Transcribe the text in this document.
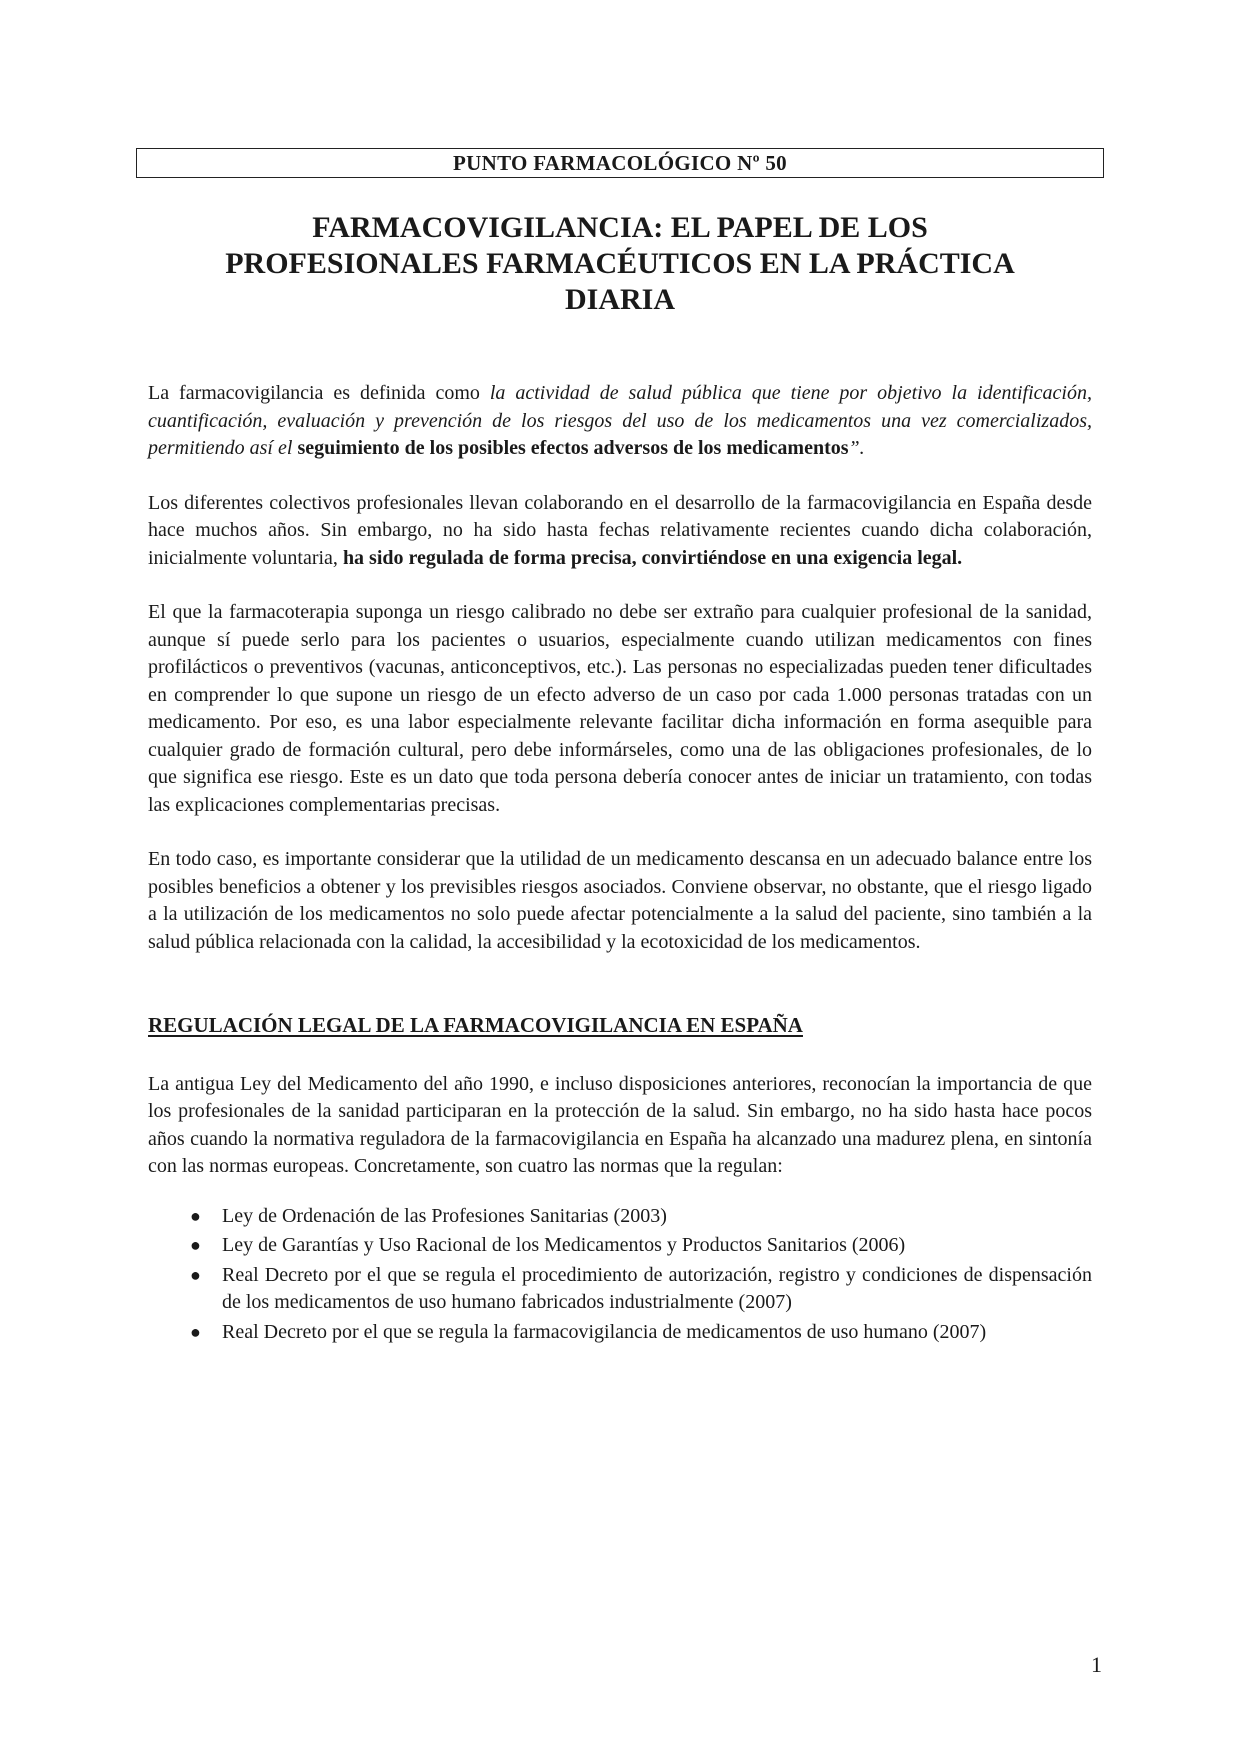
PUNTO FARMACOLÓGICO Nº 50
FARMACOVIGILANCIA: EL PAPEL DE LOS
PROFESIONALES FARMACÉUTICOS EN LA PRÁCTICA
DIARIA

La farmacovigilancia es definida como la actividad de salud pública que tiene por objetivo la identificación, cuantificación, evaluación y prevención de los riesgos del uso de los medicamentos una vez comercializados, permitiendo así el seguimiento de los posibles efectos adversos de los medicamentos”.

Los diferentes colectivos profesionales llevan colaborando en el desarrollo de la farmacovigilancia en España desde hace muchos años. Sin embargo, no ha sido hasta fechas relativamente recientes cuando dicha colaboración, inicialmente voluntaria, ha sido regulada de forma precisa, convirtiéndose en una exigencia legal.

El que la farmacoterapia suponga un riesgo calibrado no debe ser extraño para cualquier profesional de la sanidad, aunque sí puede serlo para los pacientes o usuarios, especialmente cuando utilizan medicamentos con fines profilácticos o preventivos (vacunas, anticonceptivos, etc.). Las personas no especializadas pueden tener dificultades en comprender lo que supone un riesgo de un efecto adverso de un caso por cada 1.000 personas tratadas con un medicamento. Por eso, es una labor especialmente relevante facilitar dicha información en forma asequible para cualquier grado de formación cultural, pero debe informárseles, como una de las obligaciones profesionales, de lo que significa ese riesgo. Este es un dato que toda persona debería conocer antes de iniciar un tratamiento, con todas las explicaciones complementarias precisas.

En todo caso, es importante considerar que la utilidad de un medicamento descansa en un adecuado balance entre los posibles beneficios a obtener y los previsibles riesgos asociados. Conviene observar, no obstante, que el riesgo ligado a la utilización de los medicamentos no solo puede afectar potencialmente a la salud del paciente, sino también a la salud pública relacionada con la calidad, la accesibilidad y la ecotoxicidad de los medicamentos.

REGULACIÓN LEGAL DE LA FARMACOVIGILANCIA EN ESPAÑA

La antigua Ley del Medicamento del año 1990, e incluso disposiciones anteriores, reconocían la importancia de que los profesionales de la sanidad participaran en la protección de la salud. Sin embargo, no ha sido hasta hace pocos años cuando la normativa reguladora de la farmacovigilancia en España ha alcanzado una madurez plena, en sintonía con las normas europeas. Concretamente, son cuatro las normas que la regulan:

● Ley de Ordenación de las Profesiones Sanitarias (2003)
● Ley de Garantías y Uso Racional de los Medicamentos y Productos Sanitarios (2006)
● Real Decreto por el que se regula el procedimiento de autorización, registro y condiciones de dispensación de los medicamentos de uso humano fabricados industrialmente (2007)
● Real Decreto por el que se regula la farmacovigilancia de medicamentos de uso humano (2007)
1
